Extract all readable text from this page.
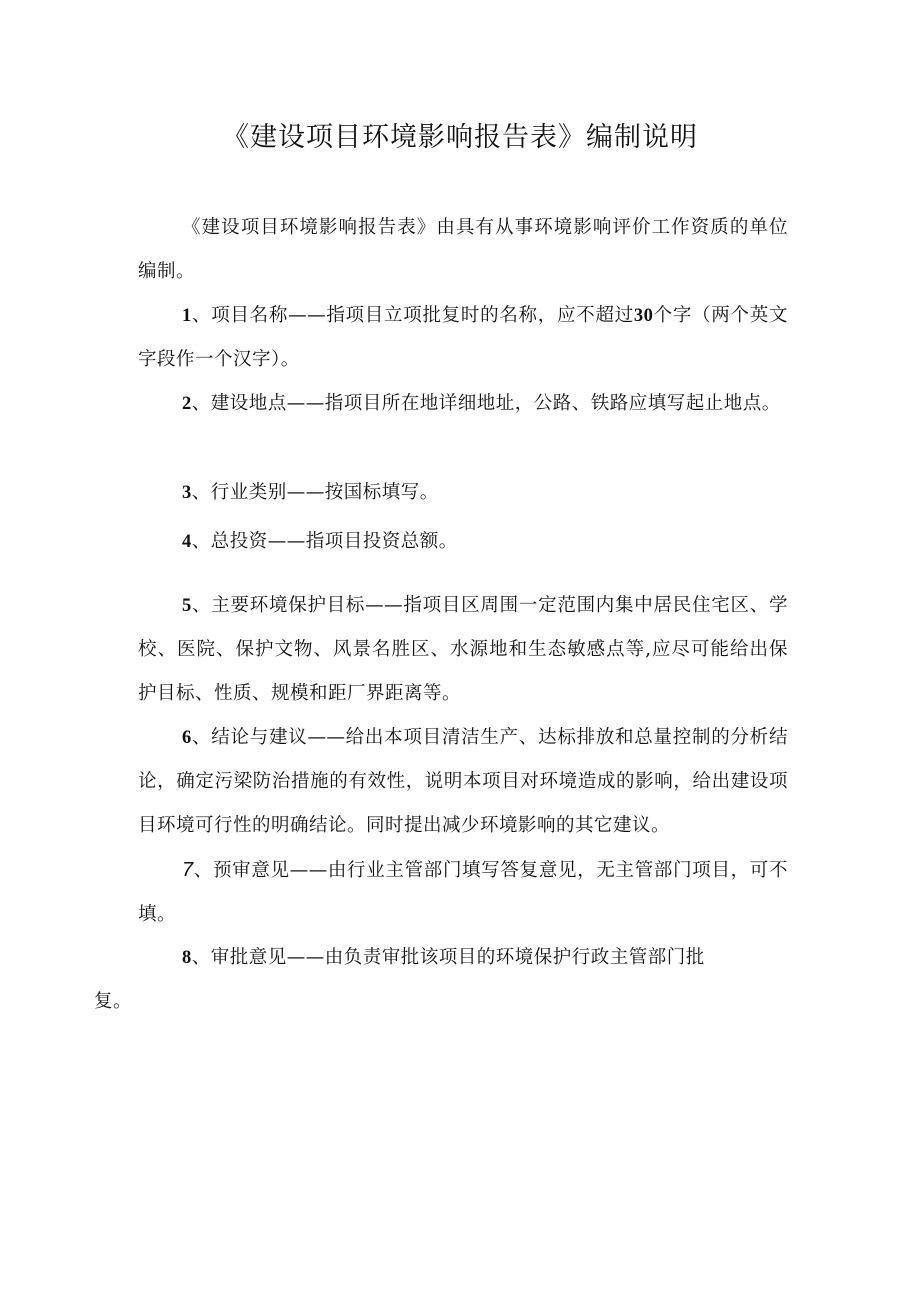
《建设项目环境影响报告表》编制说明
《建设项目环境影响报告表》由具有从事环境影响评价工作资质的单位编制。
1、项目名称——指项目立项批复时的名称，应不超过30个字（两个英文字段作一个汉字）。
2、建设地点——指项目所在地详细地址，公路、铁路应填写起止地点。
3、行业类别——按国标填写。
4、总投资——指项目投资总额。
5、主要环境保护目标——指项目区周围一定范围内集中居民住宅区、学校、医院、保护文物、风景名胜区、水源地和生态敏感点等,应尽可能给出保护目标、性质、规模和距厂界距离等。
6、结论与建议——给出本项目清洁生产、达标排放和总量控制的分析结论，确定污梁防治措施的有效性，说明本项目对环境造成的影响，给出建设项目环境可行性的明确结论。同时提出减少环境影响的其它建议。
7、预审意见——由行业主管部门填写答复意见，无主管部门项目，可不填。
8、审批意见——由负责审批该项目的环境保护行政主管部门批
复。
